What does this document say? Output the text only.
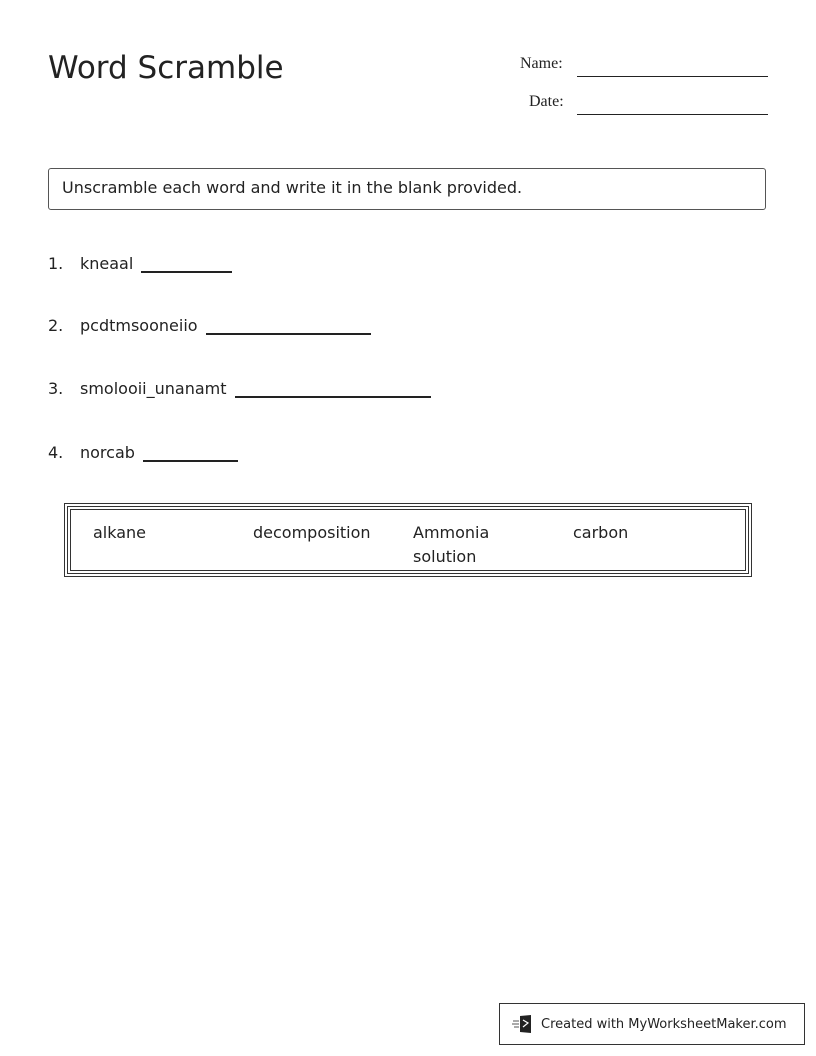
Word Scramble	Name:
Date:
Unscramble each word and write it in the blank provided.
1.	kneaal
2.	pcdtmsooneiio
3.	smolooii_unanamt
4.	norcab
alkane	decomposition	Ammonia solution
carbon
Created with MyWorksheetMaker.com
